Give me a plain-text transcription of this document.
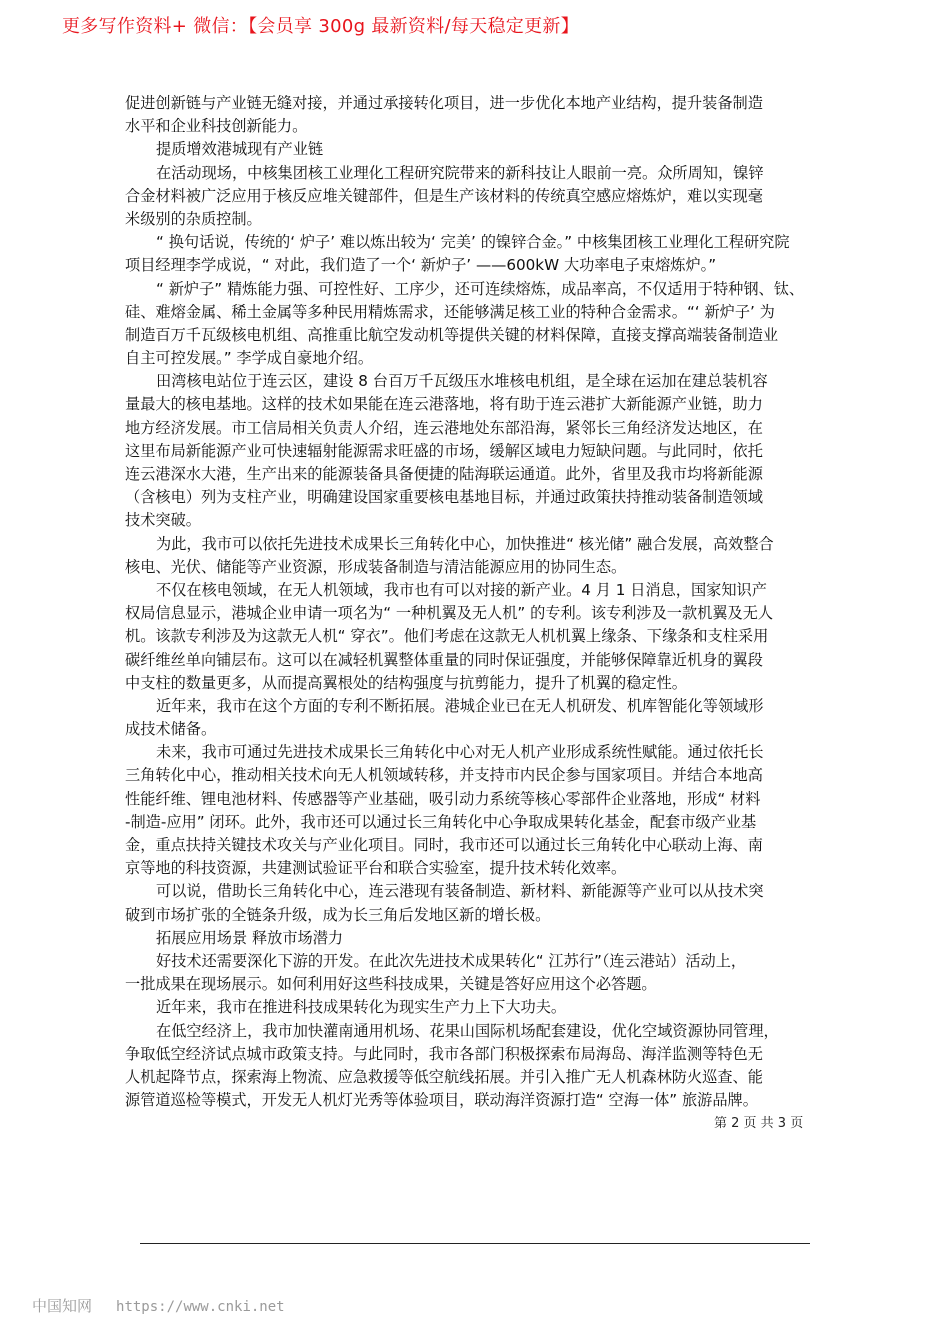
更多写作资料+ 微信：【会员享 300g 最新资料/每天稳定更新】
促进创新链与产业链无缝对接，并通过承接转化项目，进一步优化本地产业结构，提升装备制造
水平和企业科技创新能力。
提质增效港城现有产业链
在活动现场，中核集团核工业理化工程研究院带来的新科技让人眼前一亮。众所周知，镍锌
合金材料被广泛应用于核反应堆关键部件，但是生产该材料的传统真空感应熔炼炉，难以实现毫
米级别的杂质控制。
“ 换句话说，传统的‘ 炉子’ 难以炼出较为‘ 完美’ 的镍锌合金。” 中核集团核工业理化工程研究院
项目经理李学成说，“ 对此，我们造了一个‘ 新炉子’ ——600kW 大功率电子束熔炼炉。”
“ 新炉子” 精炼能力强、可控性好、工序少，还可连续熔炼，成品率高，不仅适用于特种钢、钛、
硅、难熔金属、稀土金属等多种民用精炼需求，还能够满足核工业的特种合金需求。“‘ 新炉子’ 为
制造百万千瓦级核电机组、高推重比航空发动机等提供关键的材料保障，直接支撑高端装备制造业
自主可控发展。” 李学成自豪地介绍。
田湾核电站位于连云区，建设 8 台百万千瓦级压水堆核电机组，是全球在运加在建总装机容
量最大的核电基地。这样的技术如果能在连云港落地，将有助于连云港扩大新能源产业链，助力
地方经济发展。市工信局相关负责人介绍，连云港地处东部沿海，紧邻长三角经济发达地区，在
这里布局新能源产业可快速辐射能源需求旺盛的市场，缓解区域电力短缺问题。与此同时，依托
连云港深水大港，生产出来的能源装备具备便捷的陆海联运通道。此外，省里及我市均将新能源
（含核电）列为支柱产业，明确建设国家重要核电基地目标，并通过政策扶持推动装备制造领域
技术突破。
为此，我市可以依托先进技术成果长三角转化中心，加快推进“ 核光储” 融合发展，高效整合
核电、光伏、储能等产业资源，形成装备制造与清洁能源应用的协同生态。
不仅在核电领域，在无人机领域，我市也有可以对接的新产业。4 月 1 日消息，国家知识产
权局信息显示，港城企业申请一项名为“ 一种机翼及无人机” 的专利。该专利涉及一款机翼及无人
机。该款专利涉及为这款无人机“ 穿衣”。他们考虑在这款无人机机翼上缘条、下缘条和支柱采用
碳纤维丝单向铺层布。这可以在减轻机翼整体重量的同时保证强度，并能够保障靠近机身的翼段
中支柱的数量更多，从而提高翼根处的结构强度与抗剪能力，提升了机翼的稳定性。
近年来，我市在这个方面的专利不断拓展。港城企业已在无人机研发、机库智能化等领域形
成技术储备。
未来，我市可通过先进技术成果长三角转化中心对无人机产业形成系统性赋能。通过依托长
三角转化中心，推动相关技术向无人机领域转移，并支持市内民企参与国家项目。并结合本地高
性能纤维、锂电池材料、传感器等产业基础，吸引动力系统等核心零部件企业落地，形成“ 材料
-制造-应用” 闭环。此外，我市还可以通过长三角转化中心争取成果转化基金，配套市级产业基
金，重点扶持关键技术攻关与产业化项目。同时，我市还可以通过长三角转化中心联动上海、南
京等地的科技资源，共建测试验证平台和联合实验室，提升技术转化效率。
可以说，借助长三角转化中心，连云港现有装备制造、新材料、新能源等产业可以从技术突
破到市场扩张的全链条升级，成为长三角后发地区新的增长极。
拓展应用场景 释放市场潜力
好技术还需要深化下游的开发。在此次先进技术成果转化“ 江苏行”（连云港站）活动上，
一批成果在现场展示。如何利用好这些科技成果，关键是答好应用这个必答题。
近年来，我市在推进科技成果转化为现实生产力上下大功夫。
在低空经济上，我市加快灌南通用机场、花果山国际机场配套建设，优化空域资源协同管理，
争取低空经济试点城市政策支持。与此同时，我市各部门积极探索布局海岛、海洋监测等特色无
人机起降节点，探索海上物流、应急救援等低空航线拓展。并引入推广无人机森林防火巡查、能
源管道巡检等模式，开发无人机灯光秀等体验项目，联动海洋资源打造“ 空海一体” 旅游品牌。
第 2 页 共 3 页
中国知网 https://www.cnki.net
